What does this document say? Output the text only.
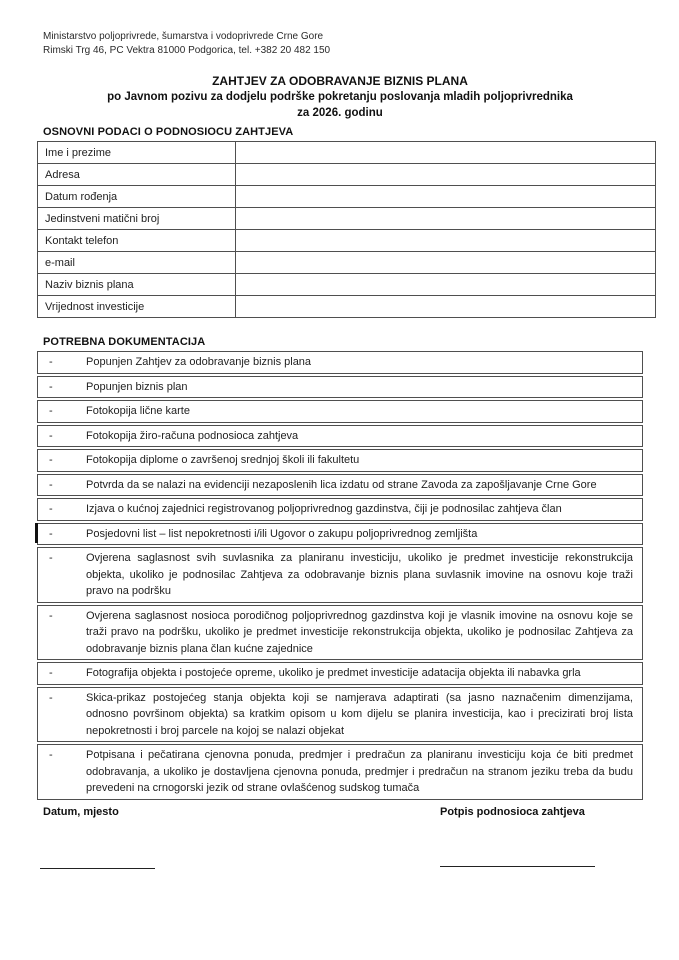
Ministarstvo poljoprivrede, šumarstva i vodoprivrede Crne Gore
Rimski Trg 46, PC Vektra 81000 Podgorica, tel. +382 20 482 150
ZAHTJEV ZA ODOBRAVANJE BIZNIS PLANA
po Javnom pozivu za dodjelu podrške pokretanju poslovanja mladih poljoprivrednika
za 2026. godinu
OSNOVNI PODACI O PODNOSIOCU ZAHTJEVA
Ime i prezime	
Adresa	
Datum rođenja	
Jedinstveni matični broj	
Kontakt telefon	
e-mail	
Naziv biznis plana	
Vrijednost investicije	
POTREBNA DOKUMENTACIJA
-	Popunjen Zahtjev za odobravanje biznis plana
-	Popunjen biznis plan
-	Fotokopija lične karte
-	Fotokopija žiro-računa podnosioca zahtjeva
-	Fotokopija diplome o završenoj srednjoj školi ili fakultetu
-	Potvrda da se nalazi na evidenciji nezaposlenih lica izdatu od strane Zavoda za zapošljavanje Crne Gore
-	Izjava o kućnoj zajednici registrovanog poljoprivrednog gazdinstva, čiji je podnosilac zahtjeva član
-	Posjedovni list – list nepokretnosti i/ili Ugovor o zakupu poljoprivrednog zemljišta
-	Ovjerena saglasnost svih suvlasnika za planiranu investiciju, ukoliko je predmet investicije rekonstrukcija objekta, ukoliko je podnosilac Zahtjeva za odobravanje biznis plana suvlasnik imovine na osnovu koje traži pravo na podršku
-	Ovjerena saglasnost nosioca porodičnog poljoprivrednog gazdinstva koji je vlasnik imovine na osnovu koje se traži pravo na podršku, ukoliko je predmet investicije rekonstrukcija objekta, ukoliko je podnosilac Zahtjeva za odobravanje biznis plana član kućne zajednice
-	Fotografija objekta i postojeće opreme, ukoliko je predmet investicije adatacija objekta ili nabavka grla
-	Skica-prikaz postojećeg stanja objekta koji se namjerava adaptirati (sa jasno naznačenim dimenzijama, odnosno površinom objekta) sa kratkim opisom u kom dijelu se planira investicija, kao i precizirati broj lista nepokretnosti i broj parcele na kojoj se nalazi objekat
-	Potpisana i pečatirana cjenovna ponuda, predmjer i predračun za planiranu investiciju koja će biti predmet odobravanja, a ukoliko je dostavljena cjenovna ponuda, predmjer i predračun na stranom jeziku treba da budu prevedeni na crnogorski jezik od strane ovlašćenog sudskog tumača
Datum, mjesto	Potpis podnosioca zahtjeva
